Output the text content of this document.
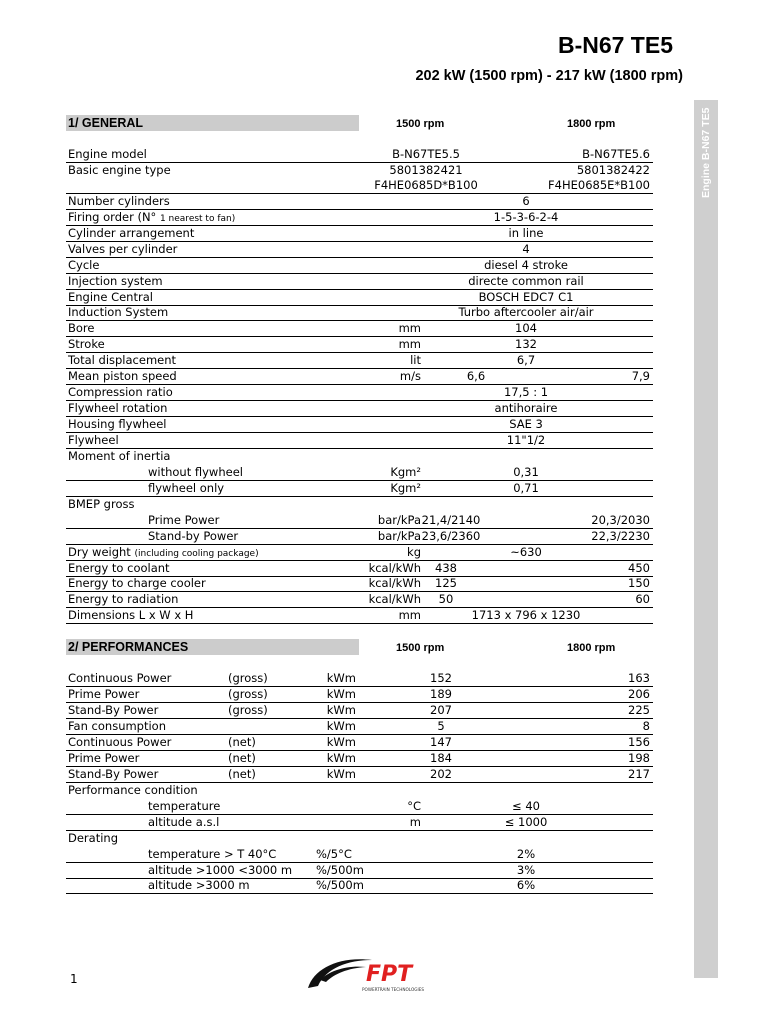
B-N67 TE5
202 kW (1500 rpm) - 217 kW (1800 rpm)
Engine B-N67 TE5
1/ GENERAL	1500 rpm	1800 rpm
Engine model	B-N67TE5.5	B-N67TE5.6
Basic engine type	5801382421	5801382422
F4HE0685D*B100	F4HE0685E*B100
Number cylinders	6
Firing order (N° 1 nearest to fan)	1-5-3-6-2-4
Cylinder arrangement	in line
Valves per cylinder	4
Cycle	diesel 4 stroke
Injection system	directe common rail
Engine Central	BOSCH EDC7 C1
Induction System	Turbo aftercooler air/air
Bore	mm	104
Stroke	mm	132
Total displacement	lit	6,7
Mean piston speed	m/s	6,6	7,9
Compression ratio	17,5 : 1
Flywheel rotation	antihoraire
Housing flywheel	SAE 3
Flywheel	11"1/2
Moment of inertia
without flywheel	Kgm²	0,31
flywheel only	Kgm²	0,71
BMEP gross
Prime Power	bar/kPa 21,4/2140	20,3/2030
Stand-by Power	bar/kPa 23,6/2360	22,3/2230
Dry weight (including cooling package)	kg	~630
Energy to coolant	kcal/kWh	438	450
Energy to charge cooler	kcal/kWh	125	150
Energy to radiation	kcal/kWh	50	60
Dimensions L x W x H	mm	1713 x 796 x 1230
2/ PERFORMANCES	1500 rpm	1800 rpm
Continuous Power	(gross)	kWm	152	163
Prime Power	(gross)	kWm	189	206
Stand-By Power	(gross)	kWm	207	225
Fan consumption	kWm	5	8
Continuous Power	(net)	kWm	147	156
Prime Power	(net)	kWm	184	198
Stand-By Power	(net)	kWm	202	217
Performance condition
temperature	°C	≤ 40
altitude a.s.l	m	≤ 1000
Derating
temperature > T 40°C	%/5°C	2%
altitude >1000 <3000 m	%/500m	3%
altitude >3000 m	%/500m	6%
1	FPT
POWERTRAIN TECHNOLOGIES
